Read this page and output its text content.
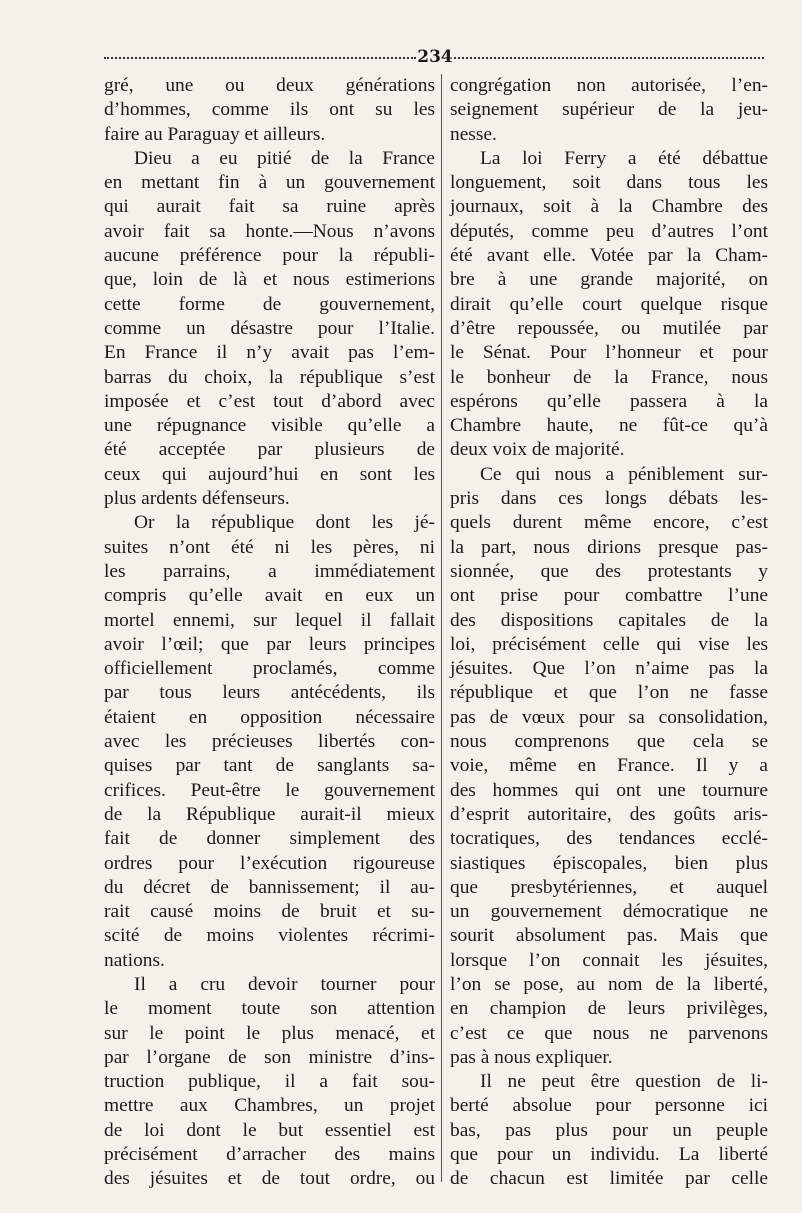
234
gré, une ou deux générations
d’hommes, comme ils ont su les
faire au Paraguay et ailleurs.
Dieu a eu pitié de la France
en mettant fin à un gouvernement
qui aurait fait sa ruine après
avoir fait sa honte.—Nous n’avons
aucune préférence pour la républi-
que, loin de là et nous estimerions
cette forme de gouvernement,
comme un désastre pour l’Italie.
En France il n’y avait pas l’em-
barras du choix, la république s’est
imposée et c’est tout d’abord avec
une répugnance visible qu’elle a
été acceptée par plusieurs de
ceux qui aujourd’hui en sont les
plus ardents défenseurs.
Or la république dont les jé-
suites n’ont été ni les pères, ni
les parrains, a immédiatement
compris qu’elle avait en eux un
mortel ennemi, sur lequel il fallait
avoir l’œil; que par leurs principes
officiellement proclamés, comme
par tous leurs antécédents, ils
étaient en opposition nécessaire
avec les précieuses libertés con-
quises par tant de sanglants sa-
crifices. Peut-être le gouvernement
de la République aurait-il mieux
fait de donner simplement des
ordres pour l’exécution rigoureuse
du décret de bannissement; il au-
rait causé moins de bruit et su-
scité de moins violentes récrimi-
nations.
Il a cru devoir tourner pour
le moment toute son attention
sur le point le plus menacé, et
par l’organe de son ministre d’ins-
truction publique, il a fait sou-
mettre aux Chambres, un projet
de loi dont le but essentiel est
précisément d’arracher des mains
des jésuites et de tout ordre, ou
congrégation non autorisée, l’en-
seignement supérieur de la jeu-
nesse.
La loi Ferry a été débattue
longuement, soit dans tous les
journaux, soit à la Chambre des
députés, comme peu d’autres l’ont
été avant elle. Votée par la Cham-
bre à une grande majorité, on
dirait qu’elle court quelque risque
d’être repoussée, ou mutilée par
le Sénat. Pour l’honneur et pour
le bonheur de la France, nous
espérons qu’elle passera à la
Chambre haute, ne fût-ce qu’à
deux voix de majorité.
Ce qui nous a péniblement sur-
pris dans ces longs débats les-
quels durent même encore, c’est
la part, nous dirions presque pas-
sionnée, que des protestants y
ont prise pour combattre l’une
des dispositions capitales de la
loi, précisément celle qui vise les
jésuites. Que l’on n’aime pas la
république et que l’on ne fasse
pas de vœux pour sa consolidation,
nous comprenons que cela se
voie, même en France. Il y a
des hommes qui ont une tournure
d’esprit autoritaire, des goûts aris-
tocratiques, des tendances ecclé-
siastiques épiscopales, bien plus
que presbytériennes, et auquel
un gouvernement démocratique ne
sourit absolument pas. Mais que
lorsque l’on connait les jésuites,
l’on se pose, au nom de la liberté,
en champion de leurs privilèges,
c’est ce que nous ne parvenons
pas à nous expliquer.
Il ne peut être question de li-
berté absolue pour personne ici
bas, pas plus pour un peuple
que pour un individu. La liberté
de chacun est limitée par celle
